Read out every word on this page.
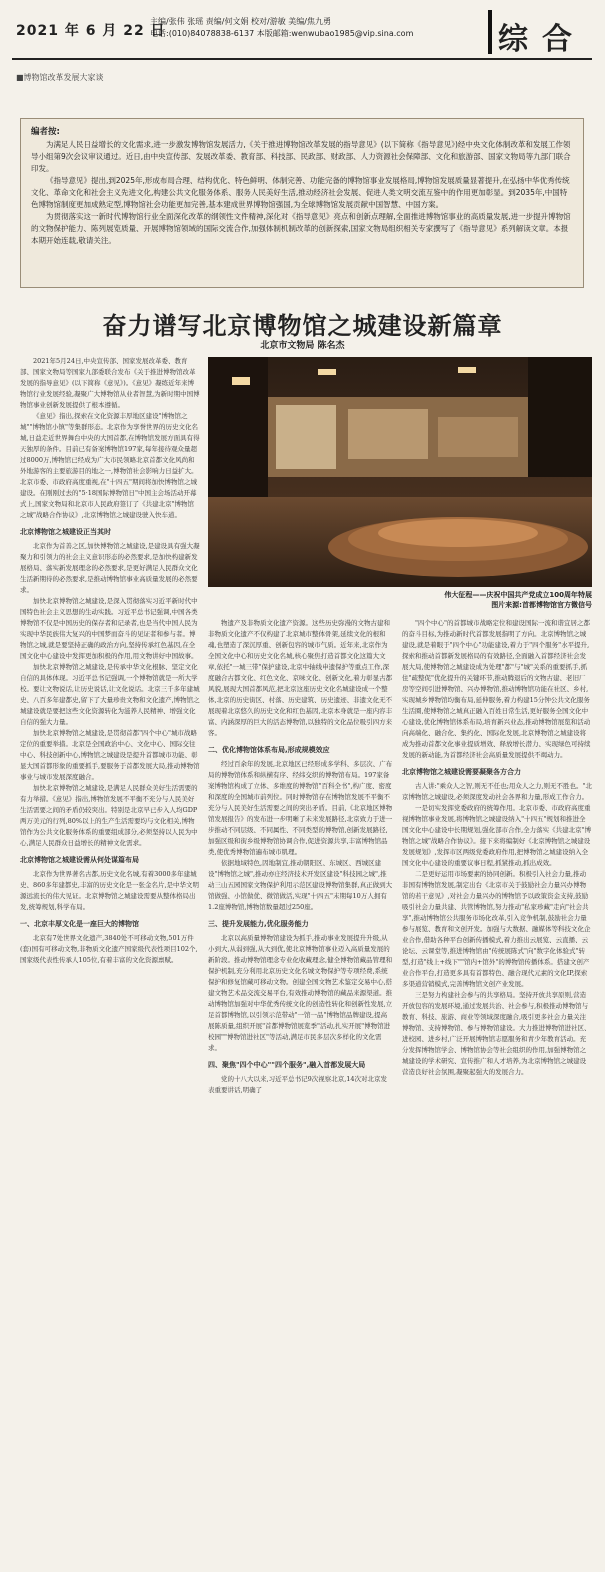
2021 年 6 月 22 日
主编/张伟 张瑶 责编/何文娟 校对/游敏 美编/焦九勇
电话:(010)84078838-6137 本版邮箱:wenwubao1985@vip.sina.com	综合
■博物馆改革发展大家谈
编者按:

为满足人民日益增长的文化需求,进一步激发博物馆发展活力,《关于推进博物馆改革发展的指导意见》(以下简称《指导意见》)经中央文化体制改革和发展工作领导小组第9次会议审议通过。近日,由中央宣传部、发展改革委、教育部、科技部、民政部、财政部、人力资源社会保障部、文化和旅游部、国家文物局等九部门联合印发。

《指导意见》提出,到2025年,形成布局合理、结构优化、特色鲜明、体制完善、功能完备的博物馆事业发展格局,博物馆发展质量显著提升,在弘扬中华优秀传统文化、革命文化和社会主义先进文化,构建公共文化服务体系、服务人民美好生活,推动经济社会发展、促进人类文明交流互鉴中的作用更加彰显。到2035年,中国特色博物馆制度更加成熟定型,博物馆社会功能更加完善,基本建成世界博物馆强国,为全球博物馆发展贡献中国智慧、中国方案。

为贯彻落实这一新时代博物馆行业全面深化改革的纲领性文件精神,深化对《指导意见》亮点和创新点理解,全面推进博物馆事业的高质量发展,进一步提升博物馆的文物保护能力、陈列展览质量、开展博物馆领域的国际交流合作,加强体制机制改革的创新探索,国家文物局组织相关专家撰写了《指导意见》系列解读文章。本报本期开始连载,敬请关注。

奋力谱写北京博物馆之城建设新篇章
北京市文物局 陈名杰

2021年5月24日,中央宣传部、国家发展改革委、教育部、国家文物局等国家九部委联合发布《关于推进博物馆改革发展的指导意见》(以下简称《意见》)。《意见》凝练近年来博物馆行业发展经验,凝聚广大博物馆从业者智慧,为新时期中国博物馆事业创新发展提供了根本遵循。

《意见》指出,探索在文化资源丰厚地区建设"博物馆之城""博物馆小镇"等集群形态。北京作为享誉世界的历史文化名城,日益走近世界舞台中央的大国首都,在博物馆发展方面具有得天独厚的条件。目前已有备案博物馆197家,每年接待观众量超过8000万,博物馆已经成为广大市民领略北京首都文化风尚和外地游客的主要旅游目的地之一,博物馆社会影响力日益扩大。北京市委、市政府高度重视,在"十四五"期间将加快博物馆之城建设。在刚刚过去的"5·18国际博物馆日"中国主会场活动开幕式上,国家文物局和北京市人民政府签订了《共建北京"博物馆之城"战略合作协议》,北京博物馆之城建设驶入快车道。

北京博物馆之城建设正当其时

北京作为首善之区,加快博物馆之城建设,是建设具有强大凝聚力和引领力的社会主义意识形态的必然要求,是加快构建新发展格局、落实新发展理念的必然要求,是更好满足人民群众文化生活新期待的必然要求,是推动博物馆事业高质量发展的必然要求。

加快北京博物馆之城建设,是深入贯彻落实习近平新时代中国特色社会主义思想的生动实践。习近平总书记强调,中国各类博物馆不仅是中国历史的保存者和记录者,也是当代中国人民为实现中华民族伟大复兴的中国梦而奋斗的见证者和参与者。博物馆之城,就是要坚持正确的政治方向,坚持传承红色基因,在全国文化中心建设中发挥更加积极的作用,用文物讲好中国故事。

加快北京博物馆之城建设,是传承中华文化根脉、坚定文化自信的具体体现。习近平总书记强调,一个博物馆就是一所大学校。要让文物说话,让历史说话,让文化说话。北京三千多年建城史、八百多年建都史,留下了大量珍贵文物和文化遗产,博物馆之城建设就是要把这些文化资源转化为滋养人民精神、增强文化自信的强大力量。

加快北京博物馆之城建设,是贯彻首都"四个中心"城市战略定位的重要举措。北京是全国政治中心、文化中心、国际交往中心、科技创新中心,博物馆之城建设是提升首都城市功能、彰显大国首都形象的重要抓手,要服务于首都发展大局,推动博物馆事业与城市发展深度融合。

加快北京博物馆之城建设,是满足人民群众美好生活需要的有力举措。《意见》指出,博物馆发展不平衡不充分与人民美好生活需要之间的矛盾仍较突出。特别是北京早已步入人均GDP两万美元的行列,80%以上的生产生活需要均与文化相关,博物馆作为公共文化服务体系的重要组成部分,必须坚持以人民为中心,满足人民群众日益增长的精神文化需求。

北京博物馆之城建设需从何处谋篇布局

北京作为世界著名古都,历史文化名城,有着3000多年建城史、860多年建都史,丰富的历史文化是一张金名片,是中华文明源远流长的伟大见证。北京博物馆之城建设需要从整体格局出发,统筹规划,科学布局。

一、北京丰厚文化是一座巨大的博物馆

北京有7处世界文化遗产,3840处不可移动文物,501万件(套)国有可移动文物,非物质文化遗产国家级代表性项目102个,国家级代表性传承人105位,有着丰富的文化资源禀赋。

伟大征程——庆祝中国共产党成立100周年特展
图片来源:首都博物馆官方微信号

物遗产及非物质文化遗产资源。这些历史弥漫的文物古建和非物质文化遗产不仅构建了北京城市整体骨架,延续文化的根和魂,也塑造了深沉厚重、创新包容的城市气质。近年来,北京作为全国文化中心和历史文化名城,核心聚焦打造首都文化这篇大文章,依托"一城三带"保护建设,北京中轴线申遗保护等重点工作,深度融合古都文化、红色文化、京味文化、创新文化,着力彰显古都风貌,展现大国首都风范,把北京这座历史文化名城建设成一个整体,北京的历史街区、村落、历史建筑、历史遗迹、非遗文化无不展现着北京悠久的历史文化和红色基因,北京本身就是一座内容丰富、内涵深厚的巨大的活态博物馆,以独特的文化品位吸引四方来客。

二、优化博物馆体系布局,形成规模效应

经过百余年的发展,北京地区已经形成多学科、多层次、广布局的博物馆体系和纵横有序、经纬交织的博物馆布局。197家备案博物馆构成了立体、多维度的博物馆"百科全书",构广度、密度和深度的全国城市前列位。同时博物馆存在博物馆发展不平衡不充分与人民美好生活需要之间的突出矛盾。目前,《北京地区博物馆发展报告》的发布进一步明晰了未来发展路径,北京致力于进一步推动不同层级、不同属性、不同类型的博物馆,创新发展路径,加强区级和街乡级博物馆协调合作,促进资源共享,丰富博物馆品类,使优秀博物馆遍布城市肌理。

依据地域特色,因地制宜,推动朝阳区、东城区、西城区建设"博物馆之城",推动亦庄经济技术开发区建设"科技园之城",推动三山五园国家文物保护利用示范区建设博物馆集群,真正做到大馆做强、小馆做优、微馆做活,实现"十四五"末期每10万人拥有1.2座博物馆,博物馆数量超过250座。

三、提升发展能力,优化服务能力

北京以高质量博物馆建设为抓手,推动事业发展提升升级,从小到大,从弱到强,从大到优,使北京博物馆事业迈入高质量发展的新阶段。推动博物馆理念专业化收藏理念,健全博物馆藏品管理和保护机制,充分利用北京历史文化名城文物保护等专项经费,系统保护和修复馆藏可移动文物。创建全国文物艺术鉴定交易中心,搭建文物艺术品交流交易平台,有效推动博物馆的藏品来源渠道。推动博物馆加强对中华优秀传统文化的创造性转化和创新性发展,立足首都博物馆,以引领示范带动"一馆一品"博物馆品牌建设,提高展陈质量,组织开展"首都博物馆展览季"活动,扎实开展"博物馆进校园""博物馆进社区"等活动,满足市民多层次多样化的文化需求。

四、聚焦"四个中心""四个服务",融入首都发展大局

党的十八大以来,习近平总书记9次视察北京,14次对北京发表重要讲话,明确了

"四个中心"的首都城市战略定位和建设国际一流和谐宜居之都的奋斗目标,为推动新时代首都发展指明了方向。北京博物馆之城建设,就是着眼于"四个中心"功能建设,着力于"四个服务"水平提升,探索和推动首都新发展格局的有效路径,全面融入首都经济社会发展大局,使博物馆之城建设成为处理"都"与"城"关系的重要抓手,抓住"疏整促"优化提升的关键环节,推动腾退后的文物古建、老旧厂房等空间引进博物馆、兴办博物馆,推动博物馆功能在社区、乡村,实现城乡博物馆均衡布局,延伸服务,着力构建15分钟公共文化服务生活圈,使博物馆之城真正融入百姓日常生活,更好服务全国文化中心建设,优化博物馆体系布局,培育新兴业态,推动博物馆展览和活动向高端化、融合化、集约化、国际化发展,北京博物馆之城建设将成为推动首都文化事业提质增效、释放增长潜力、实现绿色可持续发展的新动能,为首都经济社会高质量发展提供不竭动力。

北京博物馆之城建设需要凝聚各方合力

古人讲:"乘众人之智,则无不任也;用众人之力,则无不胜也。"北京博物馆之城建设,必须深度发动社会各界和力量,形成工作合力。

一是切实发挥党委政府的统筹作用。北京市委、市政府高度重视博物馆事业发展,将博物馆之城建设纳入"十四五"规划和推进全国文化中心建设中长期规划,强化部市合作,全力落实《共建北京"博物馆之城"战略合作协议》。接下来将编制好《北京博物馆之城建设发展规划》,发挥市区两级党委政府作用,把博物馆之城建设纳入全国文化中心建设的重要议事日程,抓紧推动,抓出成效。

二是更好运用市场要素的协同创新。积极引入社会力量,推动非国有博物馆发展,制定出台《北京市关于鼓励社会力量兴办博物馆的若干意见》,对社会力量兴办的博物馆予以政策资金支持,鼓励吸引社会力量共建、共管博物馆,努力推动"私家珍藏"走向"社会共享",推动博物馆公共服务市场化改革,引入竞争机制,鼓励社会力量参与展览、教育和文创开发。加强与大数据、融媒体等科技文化企业合作,借助各种平台创新传播模式,着力推出云展览、云直播、云论坛、云课堂等,推进博物馆由"传统展陈式"向"数字化体验式"转型,打造"线上+线下""馆内+馆外"的博物馆传播体系。搭建文创产业合作平台,打造更多具有首都特色、融合现代元素的文化IP,探索多渠道营销模式,完善博物馆文创产业发展。

三是努力构建社会参与的共享格局。坚持开放共享原则,营造开放包容的发展环境,通过发展共治、社会参与,积极推动博物馆与教育、科技、旅游、商业等领域深度融合,吸引更多社会力量关注博物馆、支持博物馆、参与博物馆建设。大力推进博物馆进社区、进校园、进乡村,广泛开展博物馆志愿服务和青少年教育活动。充分发挥博物馆学会、博物馆协会等社会组织的作用,加强博物馆之城建设的学术研究、宣传推广和人才培养,为北京博物馆之城建设营造良好社会氛围,凝聚起强大的发展合力。
